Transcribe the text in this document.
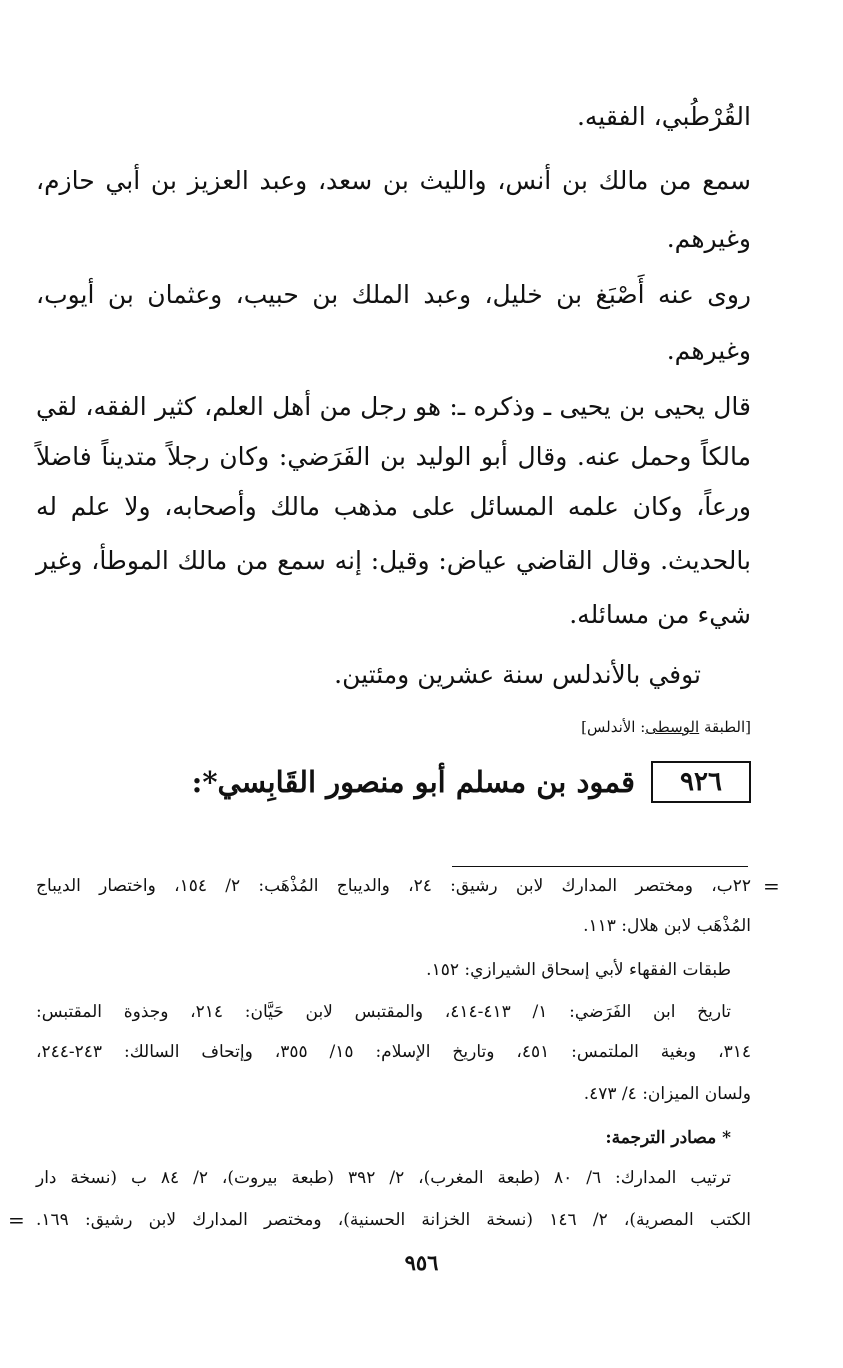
القُرْطُبي، الفقيه.
سمع من مالك بن أنس، والليث بن سعد، وعبد العزيز بن أبي حازم،
وغيرهم.
روى عنه أَصْبَغ بن خليل، وعبد الملك بن حبيب، وعثمان بن أيوب،
وغيرهم.
قال يحيى بن يحيى ـ وذكره ـ: هو رجل من أهل العلم، كثير الفقه، لقي
مالكاً وحمل عنه. وقال أبو الوليد بن الفَرَضي: وكان رجلاً متديناً فاضلاً
ورعاً، وكان علمه المسائل على مذهب مالك وأصحابه، ولا علم له
بالحديث. وقال القاضي عياض: وقيل: إنه سمع من مالك الموطأ، وغير
شيء من مسائله.
توفي بالأندلس سنة عشرين ومئتين.
[الطبقة الوسطى: الأندلس]
٩٢٦
قمود بن مسلم أبو منصور القَابِسي*:
=
٢٢ب، ومختصر المدارك لابن رشيق: ٢٤، والديباج المُذْهَب: ٢/ ١٥٤، واختصار الديباج
المُذْهَب لابن هلال: ١١٣.
طبقات الفقهاء لأبي إسحاق الشيرازي: ١٥٢.
تاريخ ابن الفَرَضي: ١/ ٤١٣-٤١٤، والمقتبس لابن حَيَّان: ٢١٤، وجذوة المقتبس:
٣١٤، وبغية الملتمس: ٤٥١، وتاريخ الإسلام: ١٥/ ٣٥٥، وإتحاف السالك: ٢٤٣-٢٤٤،
ولسان الميزان: ٤/ ٤٧٣.
* مصادر الترجمة:
ترتيب المدارك: ٦/ ٨٠ (طبعة المغرب)، ٢/ ٣٩٢ (طبعة بيروت)، ٢/ ٨٤ ب (نسخة دار
الكتب المصرية)، ٢/ ١٤٦ (نسخة الخزانة الحسنية)، ومختصر المدارك لابن رشيق: ١٦٩.
=
٩٥٦
